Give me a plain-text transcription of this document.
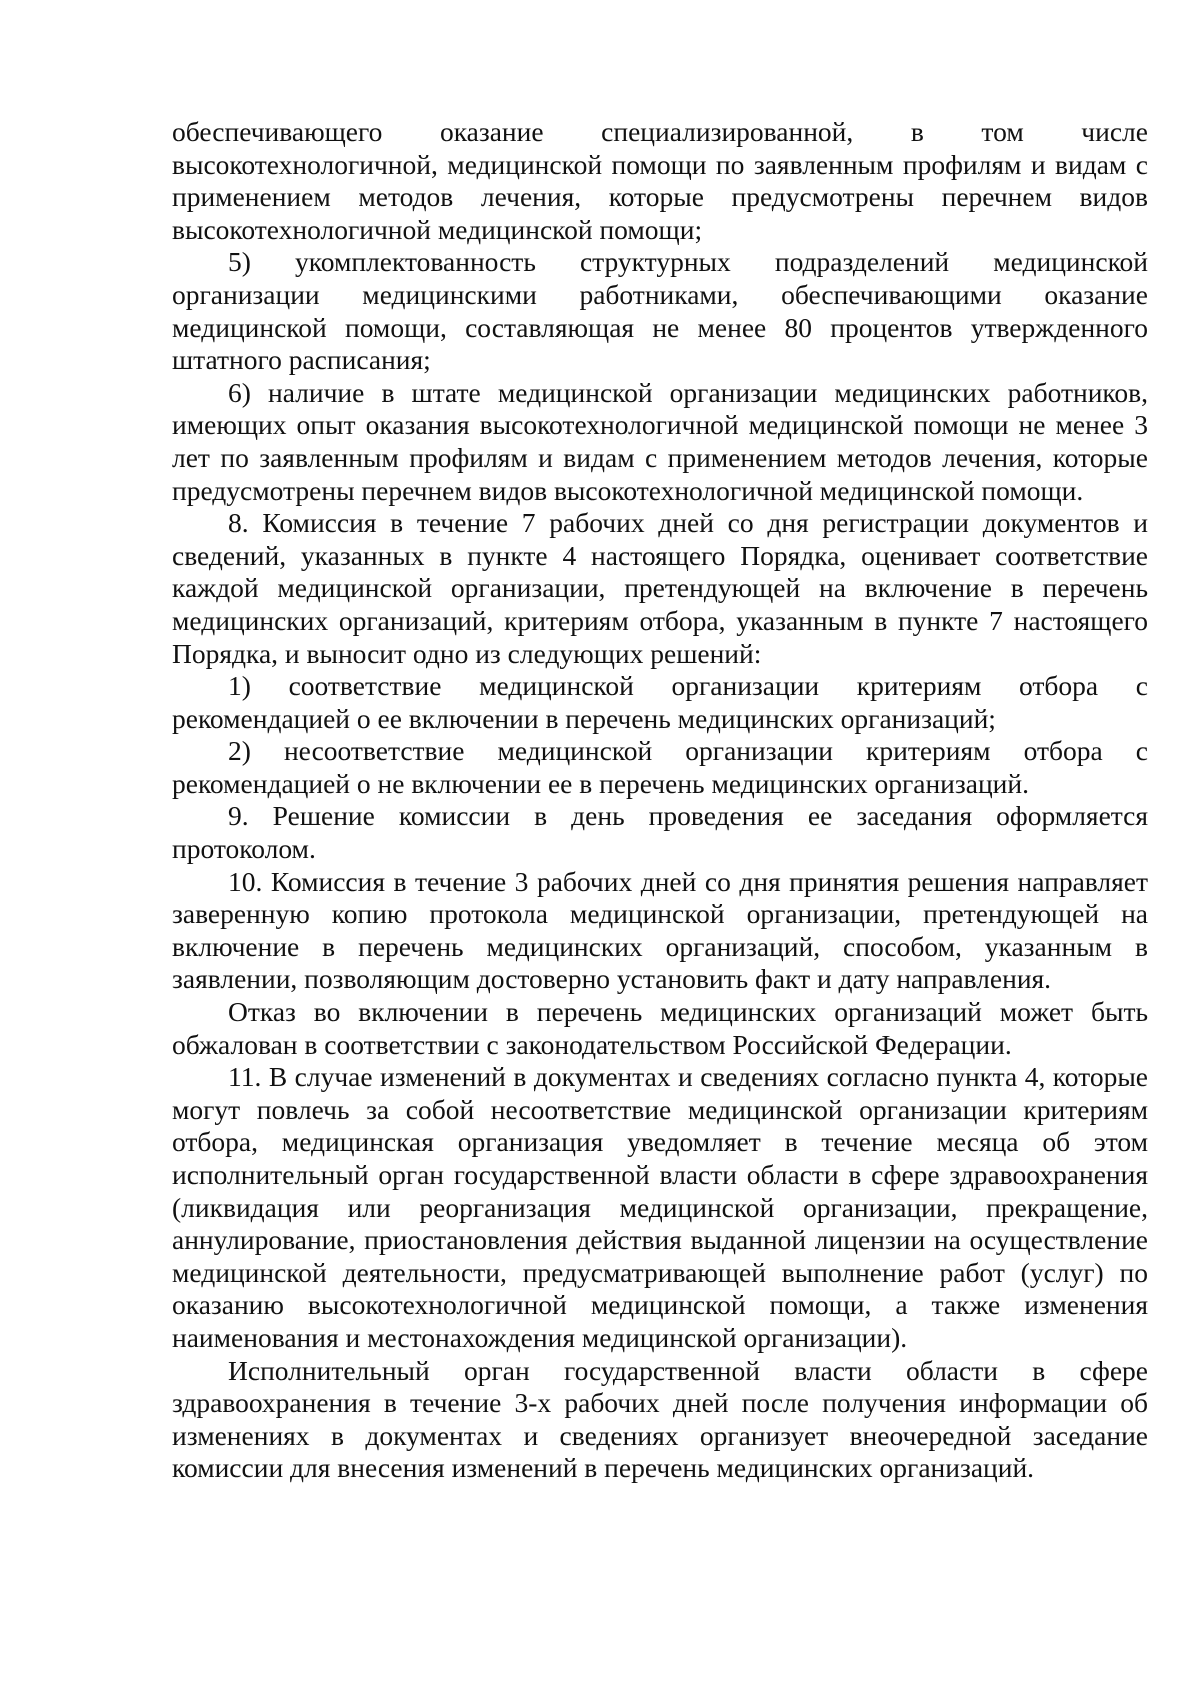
обеспечивающего оказание специализированной, в том числе высокотехнологичной, медицинской помощи по заявленным профилям и видам с применением методов лечения, которые предусмотрены перечнем видов высокотехнологичной медицинской помощи;

5) укомплектованность структурных подразделений медицинской организации медицинскими работниками, обеспечивающими оказание медицинской помощи, составляющая не менее 80 процентов утвержденного штатного расписания;

6) наличие в штате медицинской организации медицинских работников, имеющих опыт оказания высокотехнологичной медицинской помощи не менее 3 лет по заявленным профилям и видам с применением методов лечения, которые предусмотрены перечнем видов высокотехнологичной медицинской помощи.

8. Комиссия в течение 7 рабочих дней со дня регистрации документов и сведений, указанных в пункте 4 настоящего Порядка, оценивает соответствие каждой медицинской организации, претендующей на включение в перечень медицинских организаций, критериям отбора, указанным в пункте 7 настоящего Порядка, и выносит одно из следующих решений:

1) соответствие медицинской организации критериям отбора с рекомендацией о ее включении в перечень медицинских организаций;

2) несоответствие медицинской организации критериям отбора с рекомендацией о не включении ее в перечень медицинских организаций.

9. Решение комиссии в день проведения ее заседания оформляется протоколом.

10. Комиссия в течение 3 рабочих дней со дня принятия решения направляет заверенную копию протокола медицинской организации, претендующей на включение в перечень медицинских организаций, способом, указанным в заявлении, позволяющим достоверно установить факт и дату направления.

Отказ во включении в перечень медицинских организаций может быть обжалован в соответствии с законодательством Российской Федерации.

11. В случае изменений в документах и сведениях согласно пункта 4, которые могут повлечь за собой несоответствие медицинской организации критериям отбора, медицинская организация уведомляет в течение месяца об этом исполнительный орган государственной власти области в сфере здравоохранения (ликвидация или реорганизация медицинской организации, прекращение, аннулирование, приостановления действия выданной лицензии на осуществление медицинской деятельности, предусматривающей выполнение работ (услуг) по оказанию высокотехнологичной медицинской помощи, а также изменения наименования и местонахождения медицинской организации).

Исполнительный орган государственной власти области в сфере здравоохранения в течение 3-х рабочих дней после получения информации об изменениях в документах и сведениях организует внеочередной заседание комиссии для внесения изменений в перечень медицинских организаций.
